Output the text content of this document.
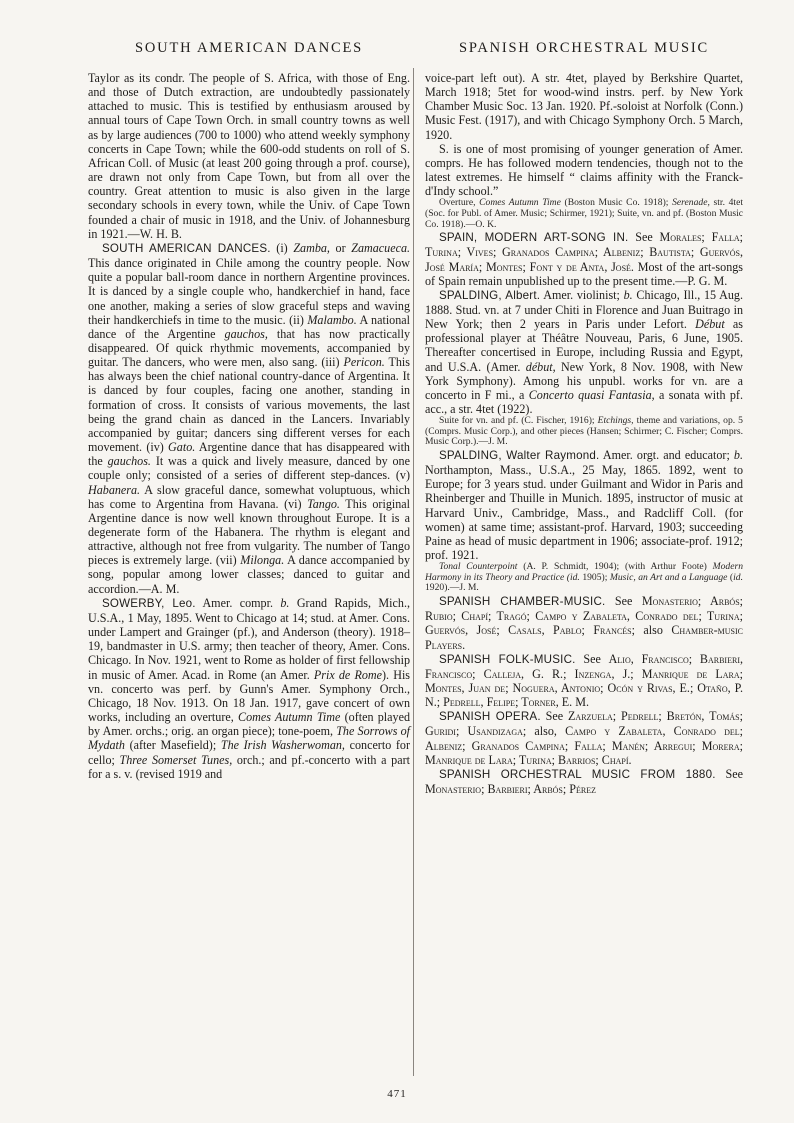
SOUTH AMERICAN DANCES

Taylor as its condr. The people of S. Africa, with those of Eng. and those of Dutch extraction, are undoubtedly passionately attached to music. This is testified by enthusiasm aroused by annual tours of Cape Town Orch. in small country towns as well as by large audiences (700 to 1000) who attend weekly symphony concerts in Cape Town; while the 600-odd students on roll of S. African Coll. of Music (at least 200 going through a prof. course), are drawn not only from Cape Town, but from all over the country. Great attention to music is also given in the large secondary schools in every town, while the Univ. of Cape Town founded a chair of music in 1918, and the Univ. of Johannesburg in 1921.—W. H. B.

SOUTH AMERICAN DANCES. (i) Zamba, or Zamacueca. This dance originated in Chile among the country people. Now quite a popular ball-room dance in northern Argentine provinces. It is danced by a single couple who, handkerchief in hand, face one another, making a series of slow graceful steps and waving their handkerchiefs in time to the music. (ii) Malambo. A national dance of the Argentine gauchos, that has now practically disappeared. Of quick rhythmic movements, accompanied by guitar. The dancers, who were men, also sang. (iii) Pericon. This has always been the chief national country-dance of Argentina. It is danced by four couples, facing one another, standing in formation of cross. It consists of various movements, the last being the grand chain as danced in the Lancers. Invariably accompanied by guitar; dancers sing different verses for each movement. (iv) Gato. Argentine dance that has disappeared with the gauchos. It was a quick and lively measure, danced by one couple only; consisted of a series of different step-dances. (v) Habanera. A slow graceful dance, somewhat voluptuous, which has come to Argentina from Havana. (vi) Tango. This original Argentine dance is now well known throughout Europe. It is a degenerate form of the Habanera. The rhythm is elegant and attractive, although not free from vulgarity. The number of Tango pieces is extremely large. (vii) Milonga. A dance accompanied by song, popular among lower classes; danced to guitar and accordion.—A. M.

SOWERBY, Leo. Amer. compr. b. Grand Rapids, Mich., U.S.A., 1 May, 1895. Went to Chicago at 14; stud. at Amer. Cons. under Lampert and Grainger (pf.), and Anderson (theory). 1918–19, bandmaster in U.S. army; then teacher of theory, Amer. Cons. Chicago. In Nov. 1921, went to Rome as holder of first fellowship in music of Amer. Acad. in Rome (an Amer. Prix de Rome). His vn. concerto was perf. by Gunn's Amer. Symphony Orch., Chicago, 18 Nov. 1913. On 18 Jan. 1917, gave concert of own works, including an overture, Comes Autumn Time (often played by Amer. orchs.; orig. an organ piece); tone-poem, The Sorrows of Mydath (after Masefield); The Irish Washerwoman, concerto for cello; Three Somerset Tunes, orch.; and pf.-concerto with a part for a s. v. (revised 1919 and

SPANISH ORCHESTRAL MUSIC

voice-part left out). A str. 4tet, played by Berkshire Quartet, March 1918; 5tet for wood-wind instrs. perf. by New York Chamber Music Soc. 13 Jan. 1920. Pf.-soloist at Norfolk (Conn.) Music Fest. (1917), and with Chicago Symphony Orch. 5 March, 1920.

S. is one of most promising of younger generation of Amer. comprs. He has followed modern tendencies, though not to the latest extremes. He himself “ claims affinity with the Franck-d'Indy school.”

Overture, Comes Autumn Time (Boston Music Co. 1918); Serenade, str. 4tet (Soc. for Publ. of Amer. Music; Schirmer, 1921); Suite, vn. and pf. (Boston Music Co. 1918).—O. K.

SPAIN, MODERN ART-SONG IN. See Morales; Falla; Turina; Vives; Granados Campina; Albeniz; Bautista; Guervós, José María; Montes; Font y de Anta, José. Most of the art-songs of Spain remain unpublished up to the present time.—P. G. M.

SPALDING, Albert. Amer. violinist; b. Chicago, Ill., 15 Aug. 1888. Stud. vn. at 7 under Chiti in Florence and Juan Buitrago in New York; then 2 years in Paris under Lefort. Début as professional player at Théâtre Nouveau, Paris, 6 June, 1905. Thereafter concertised in Europe, including Russia and Egypt, and U.S.A. (Amer. début, New York, 8 Nov. 1908, with New York Symphony). Among his unpubl. works for vn. are a concerto in F mi., a Concerto quasi Fantasia, a sonata with pf. acc., a str. 4tet (1922).

Suite for vn. and pf. (C. Fischer, 1916); Etchings, theme and variations, op. 5 (Comprs. Music Corp.), and other pieces (Hansen; Schirmer; C. Fischer; Comprs. Music Corp.).—J. M.

SPALDING, Walter Raymond. Amer. orgt. and educator; b. Northampton, Mass., U.S.A., 25 May, 1865. 1892, went to Europe; for 3 years stud. under Guilmant and Widor in Paris and Rheinberger and Thuille in Munich. 1895, instructor of music at Harvard Univ., Cambridge, Mass., and Radcliff Coll. (for women) at same time; assistant-prof. Harvard, 1903; succeeding Paine as head of music department in 1906; associate-prof. 1912; prof. 1921.

Tonal Counterpoint (A. P. Schmidt, 1904); (with Arthur Foote) Modern Harmony in its Theory and Practice (id. 1905); Music, an Art and a Language (id. 1920).—J. M.

SPANISH CHAMBER-MUSIC. See Monasterio; Arbós; Rubio; Chapí; Tragó; Campo y Zabaleta, Conrado del; Turina; Guervós, José; Casals, Pablo; Francés; also Chamber-music Players.

SPANISH FOLK-MUSIC. See Alio, Francisco; Barbieri, Francisco; Calleja, G. R.; Inzenga, J.; Manrique de Lara; Montes, Juan de; Noguera, Antonio; Ocón y Rivas, E.; Otaño, P. N.; Pedrell, Felipe; Torner, E. M.

SPANISH OPERA. See Zarzuela; Pedrell; Bretón, Tomás; Guridi; Usandizaga; also, Campo y Zabaleta, Conrado del; Albeniz; Granados Campina; Falla; Manén; Arregui; Morera; Manrique de Lara; Turina; Barrios; Chapí.

SPANISH ORCHESTRAL MUSIC FROM 1880. See Monasterio; Barbieri; Arbós; Pérez

471
